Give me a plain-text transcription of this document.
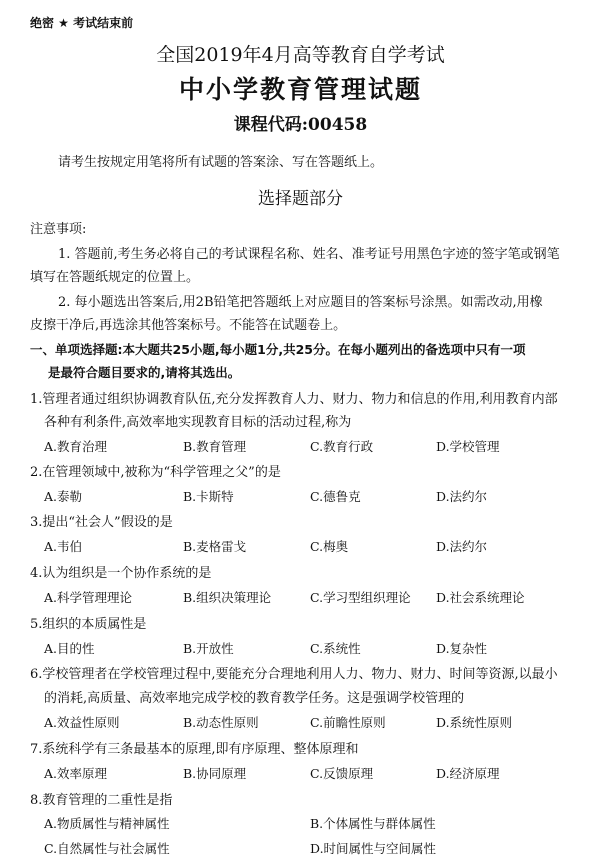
绝密 ★ 考试结束前
全国2019年4月高等教育自学考试
中小学教育管理试题
课程代码:00458
请考生按规定用笔将所有试题的答案涂、写在答题纸上。
选择题部分
注意事项:
1. 答题前,考生务必将自己的考试课程名称、姓名、准考证号用黑色字迹的签字笔或钢笔
填写在答题纸规定的位置上。
2. 每小题选出答案后,用2B铅笔把答题纸上对应题目的答案标号涂黑。如需改动,用橡
皮擦干净后,再选涂其他答案标号。不能答在试题卷上。
一、单项选择题:本大题共25小题,每小题1分,共25分。在每小题列出的备选项中只有一项
是最符合题目要求的,请将其选出。
1.管理者通过组织协调教育队伍,充分发挥教育人力、财力、物力和信息的作用,利用教育内部
各种有利条件,高效率地实现教育目标的活动过程,称为
A.教育治理	B.教育管理	C.教育行政	D.学校管理
2.在管理领域中,被称为“科学管理之父”的是
A.泰勒	B.卡斯特	C.德鲁克	D.法约尔
3.提出“社会人”假设的是
A.韦伯	B.麦格雷戈	C.梅奥	D.法约尔
4.认为组织是一个协作系统的是
A.科学管理理论	B.组织决策理论	C.学习型组织理论 D.社会系统理论
5.组织的本质属性是
A.目的性	B.开放性	C.系统性	D.复杂性
6.学校管理者在学校管理过程中,要能充分合理地利用人力、物力、财力、时间等资源,以最小
的消耗,高质量、高效率地完成学校的教育教学任务。这是强调学校管理的
A.效益性原则	B.动态性原则	C.前瞻性原则	D.系统性原则
7.系统科学有三条最基本的原理,即有序原理、整体原理和
A.效率原理	B.协同原理	C.反馈原理	D.经济原理
8.教育管理的二重性是指
A.物质属性与精神属性	B.个体属性与群体属性
C.自然属性与社会属性	D.时间属性与空间属性
